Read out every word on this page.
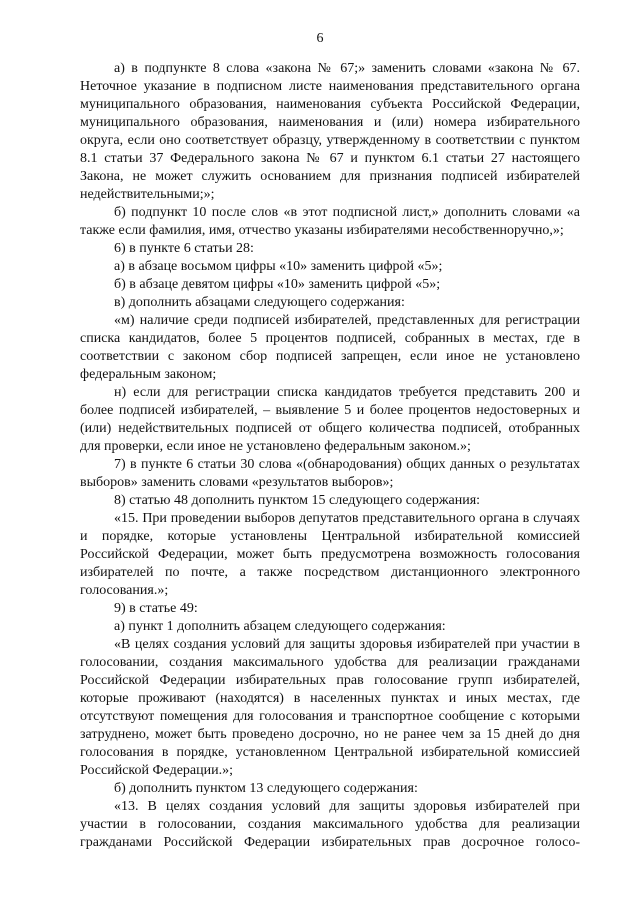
6

а) в подпункте 8 слова «закона № 67;» заменить словами «закона № 67. Неточное указание в подписном листе наименования представительного органа муниципального образования, наименования субъекта Российской Федерации, муниципального образования, наименования и (или) номера избирательного округа, если оно соответствует образцу, утвержденному в соответствии с пунктом 8.1 статьи 37 Федерального закона № 67 и пунктом 6.1 статьи 27 настоящего Закона, не может служить основанием для признания подписей избирателей недействительными;»;

б) подпункт 10 после слов «в этот подписной лист,» дополнить словами «а также если фамилия, имя, отчество указаны избирателями несобственноручно,»;

6) в пункте 6 статьи 28:

а) в абзаце восьмом цифры «10» заменить цифрой «5»;

б) в абзаце девятом цифры «10» заменить цифрой «5»;

в) дополнить абзацами следующего содержания:

«м) наличие среди подписей избирателей, представленных для регистрации списка кандидатов, более 5 процентов подписей, собранных в местах, где в соответствии с законом сбор подписей запрещен, если иное не установлено федеральным законом;

н) если для регистрации списка кандидатов требуется представить 200 и более подписей избирателей, – выявление 5 и более процентов недостоверных и (или) недействительных подписей от общего количества подписей, отобранных для проверки, если иное не установлено федеральным законом.»;

7) в пункте 6 статьи 30 слова «(обнародования) общих данных о результатах выборов» заменить словами «результатов выборов»;

8) статью 48 дополнить пунктом 15 следующего содержания:

«15. При проведении выборов депутатов представительного органа в случаях и порядке, которые установлены Центральной избирательной комиссией Российской Федерации, может быть предусмотрена возможность голосования избирателей по почте, а также посредством дистанционного электронного голосования.»;

9) в статье 49:

а) пункт 1 дополнить абзацем следующего содержания:

«В целях создания условий для защиты здоровья избирателей при участии в голосовании, создания максимального удобства для реализации гражданами Российской Федерации избирательных прав голосование групп избирателей, которые проживают (находятся) в населенных пунктах и иных местах, где отсутствуют помещения для голосования и транспортное сообщение с которыми затруднено, может быть проведено досрочно, но не ранее чем за 15 дней до дня голосования в порядке, установленном Центральной избирательной комиссией Российской Федерации.»;

б) дополнить пунктом 13 следующего содержания:

«13. В целях создания условий для защиты здоровья избирателей при участии в голосовании, создания максимального удобства для реализации гражданами Российской Федерации избирательных прав досрочное голосо-
